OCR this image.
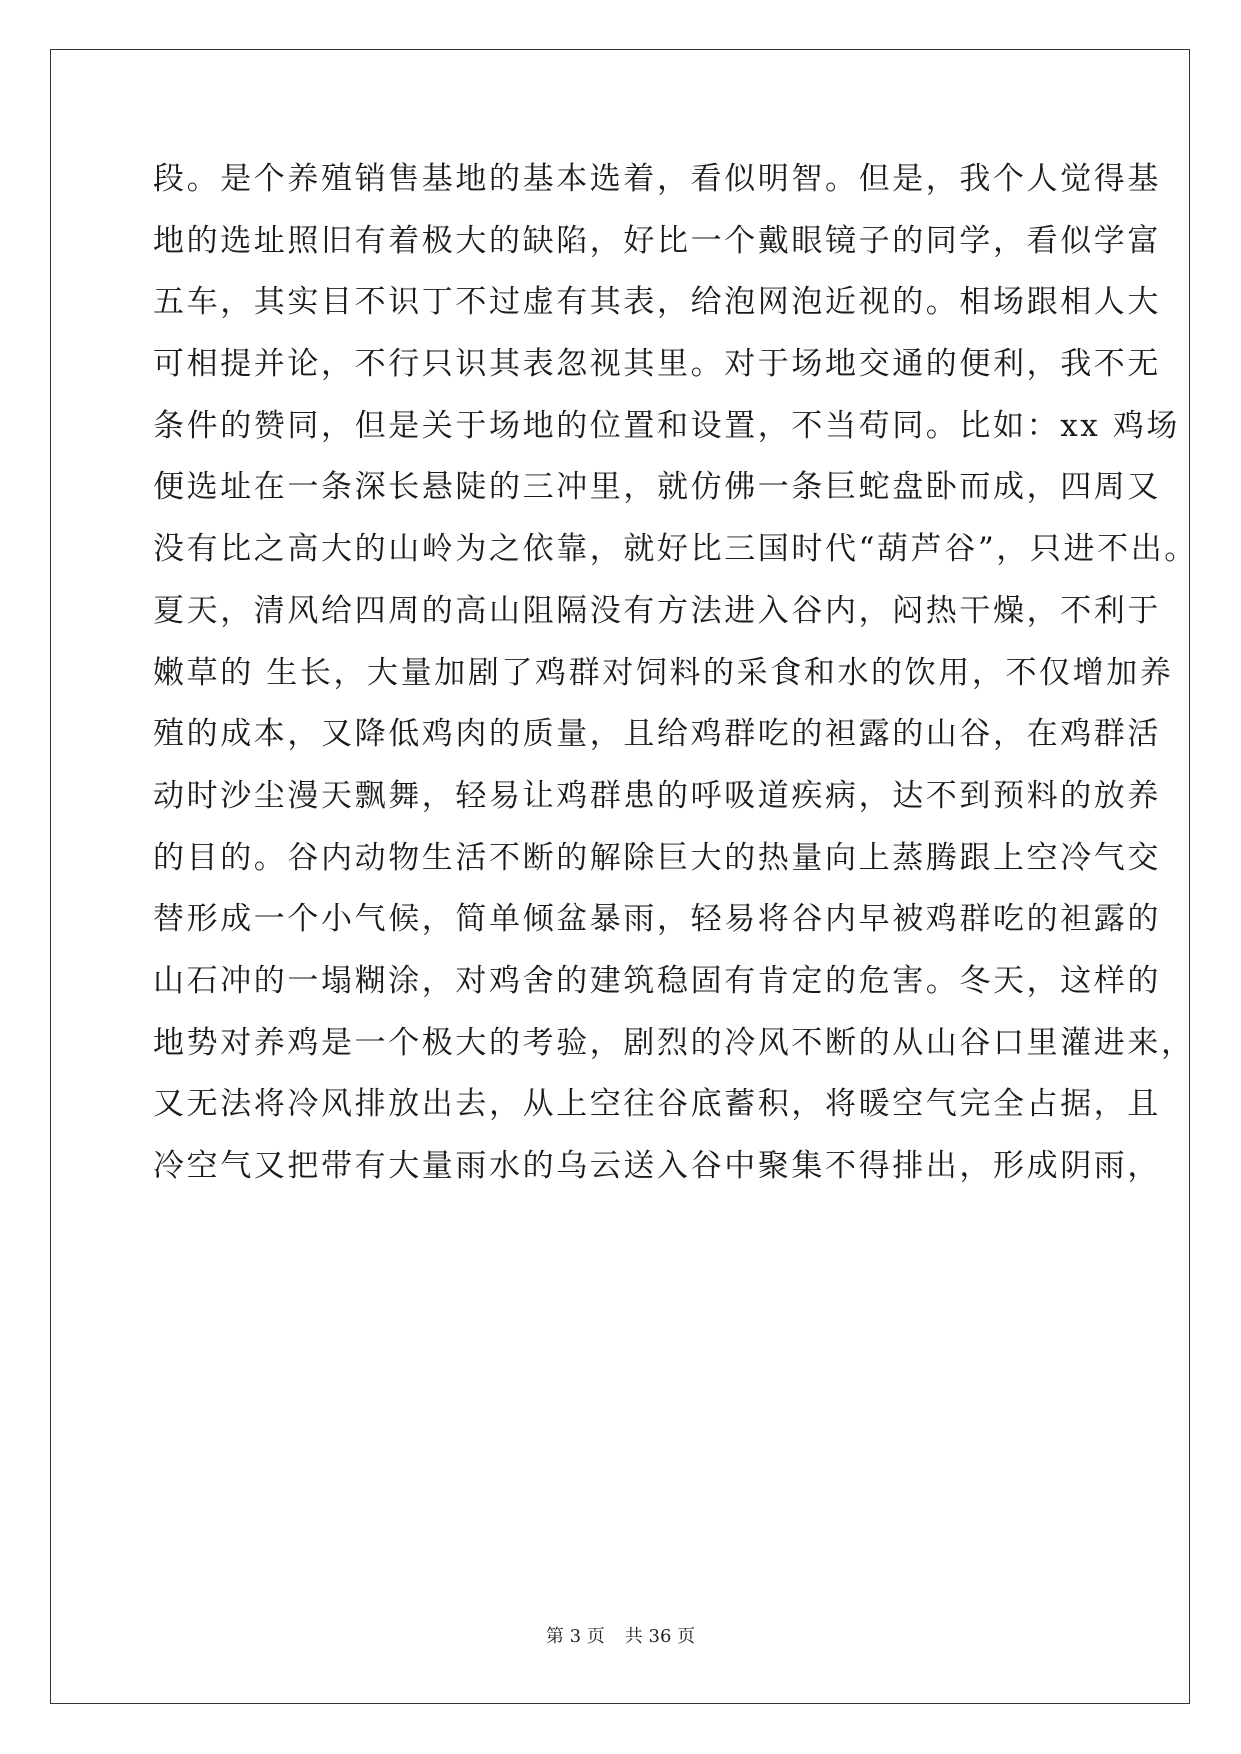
段。是个养殖销售基地的基本选着，看似明智。但是，我个人觉得基
地的选址照旧有着极大的缺陷，好比一个戴眼镜子的同学，看似学富
五车，其实目不识丁不过虚有其表，给泡网泡近视的。相场跟相人大
可相提并论，不行只识其表忽视其里。对于场地交通的便利，我不无
条件的赞同，但是关于场地的位置和设置，不当苟同。比如：xx 鸡场
便选址在一条深长悬陡的三冲里，就仿佛一条巨蛇盘卧而成，四周又
没有比之高大的山岭为之依靠，就好比三国时代“葫芦谷”，只进不出。
夏天，清风给四周的高山阻隔没有方法进入谷内，闷热干燥，不利于
嫩草的 生长，大量加剧了鸡群对饲料的采食和水的饮用，不仅增加养
殖的成本，又降低鸡肉的质量，且给鸡群吃的袒露的山谷，在鸡群活
动时沙尘漫天飘舞，轻易让鸡群患的呼吸道疾病，达不到预料的放养
的目的。谷内动物生活不断的解除巨大的热量向上蒸腾跟上空冷气交
替形成一个小气候，简单倾盆暴雨，轻易将谷内早被鸡群吃的袒露的
山石冲的一塌糊涂，对鸡舍的建筑稳固有肯定的危害。冬天，这样的
地势对养鸡是一个极大的考验，剧烈的冷风不断的从山谷口里灌进来，
又无法将冷风排放出去，从上空往谷底蓄积，将暖空气完全占据，且
冷空气又把带有大量雨水的乌云送入谷中聚集不得排出，形成阴雨，
第 3 页 共 36 页
